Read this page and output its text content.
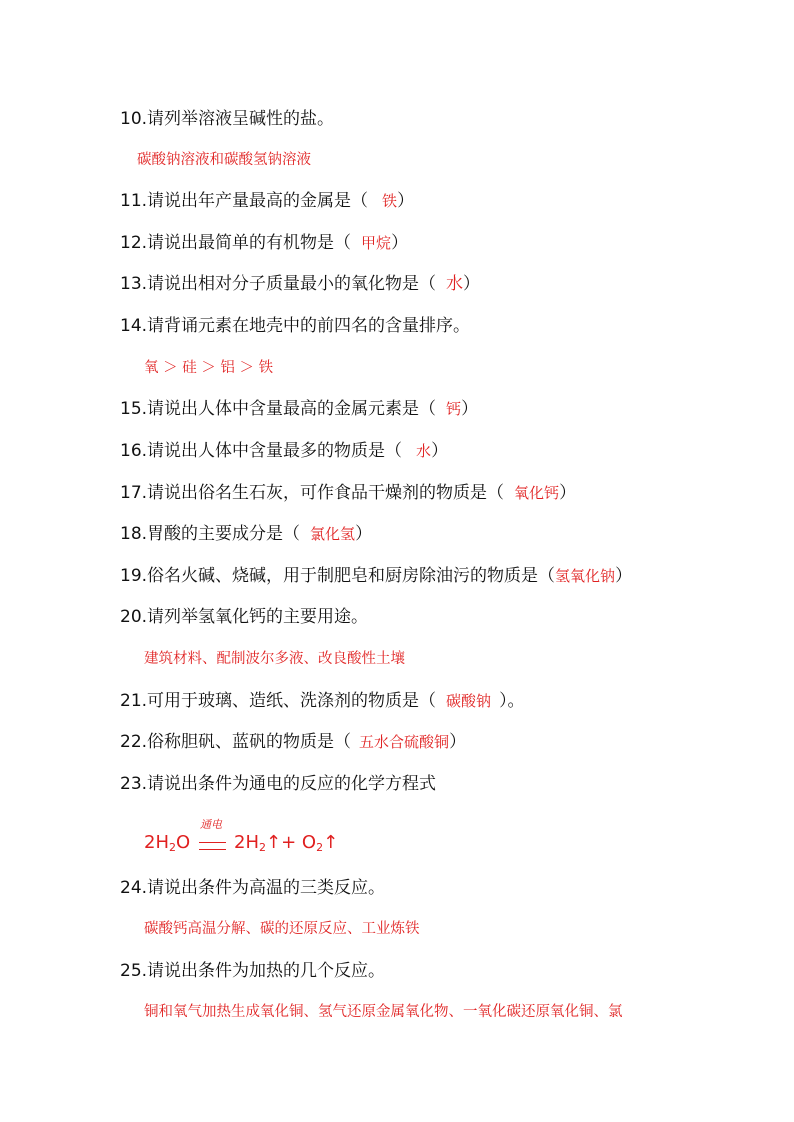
10.请列举溶液呈碱性的盐。
碳酸钠溶液和碳酸氢钠溶液
11.请说出年产量最高的金属是（ 铁）
12.请说出最简单的有机物是（ 甲烷）
13.请说出相对分子质量最小的氧化物是（ 水）
14.请背诵元素在地壳中的前四名的含量排序。
氧 ＞ 硅 ＞ 铝 ＞ 铁
15.请说出人体中含量最高的金属元素是（ 钙）
16.请说出人体中含量最多的物质是（ 水）
17.请说出俗名生石灰，可作食品干燥剂的物质是（ 氧化钙）
18.胃酸的主要成分是（ 氯化氢）
19.俗名火碱、烧碱，用于制肥皂和厨房除油污的物质是（氢氧化钠）
20.请列举氢氧化钙的主要用途。
建筑材料、配制波尔多液、改良酸性土壤
21.可用于玻璃、造纸、洗涤剂的物质是（ 碳酸钠 ）。
22.俗称胆矾、蓝矾的物质是（ 五水合硫酸铜）
23.请说出条件为通电的反应的化学方程式
$2H_2O$
通电
$2H_2↑+$ $O_2↑$
24.请说出条件为高温的三类反应。
碳酸钙高温分解、碳的还原反应、工业炼铁
25.请说出条件为加热的几个反应。
铜和氧气加热生成氧化铜、氢气还原金属氧化物、一氧化碳还原氧化铜、氯
